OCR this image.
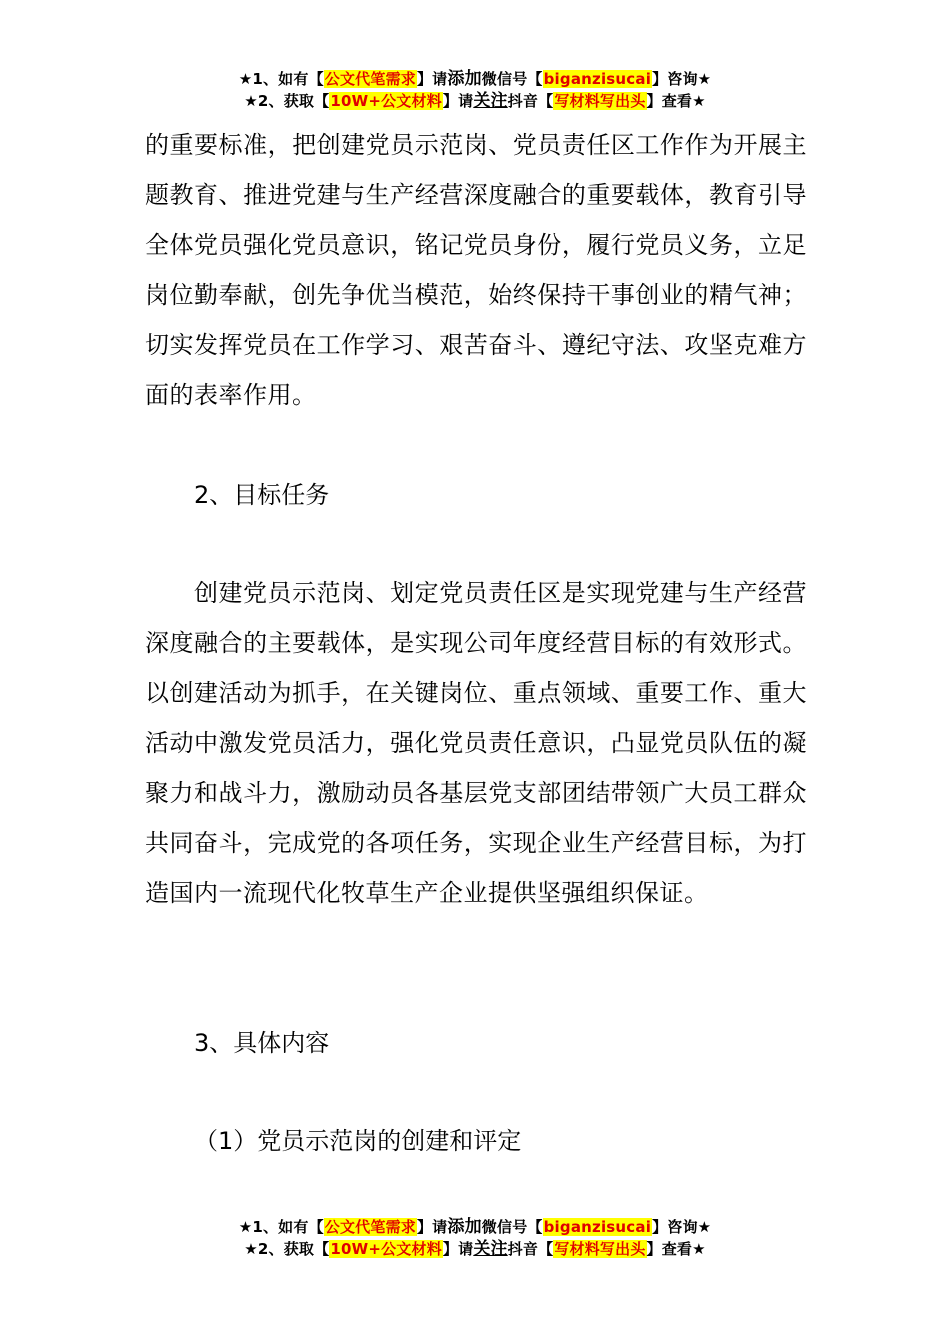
★1、如有【公文代笔需求】请添加微信号【biganzisucai】咨询★
★2、获取【10W+公文材料】请关注抖音【写材料写出头】查看★

的重要标准，把创建党员示范岗、党员责任区工作作为开展主题教育、推进党建与生产经营深度融合的重要载体，教育引导全体党员强化党员意识，铭记党员身份，履行党员义务，立足岗位勤奉献，创先争优当模范，始终保持干事创业的精气神；切实发挥党员在工作学习、艰苦奋斗、遵纪守法、攻坚克难方面的表率作用。

2、目标任务

创建党员示范岗、划定党员责任区是实现党建与生产经营深度融合的主要载体，是实现公司年度经营目标的有效形式。以创建活动为抓手，在关键岗位、重点领域、重要工作、重大活动中激发党员活力，强化党员责任意识，凸显党员队伍的凝聚力和战斗力，激励动员各基层党支部团结带领广大员工群众共同奋斗，完成党的各项任务，实现企业生产经营目标，为打造国内一流现代化牧草生产企业提供坚强组织保证。

3、具体内容

（1）党员示范岗的创建和评定

★1、如有【公文代笔需求】请添加微信号【biganzisucai】咨询★
★2、获取【10W+公文材料】请关注抖音【写材料写出头】查看★
